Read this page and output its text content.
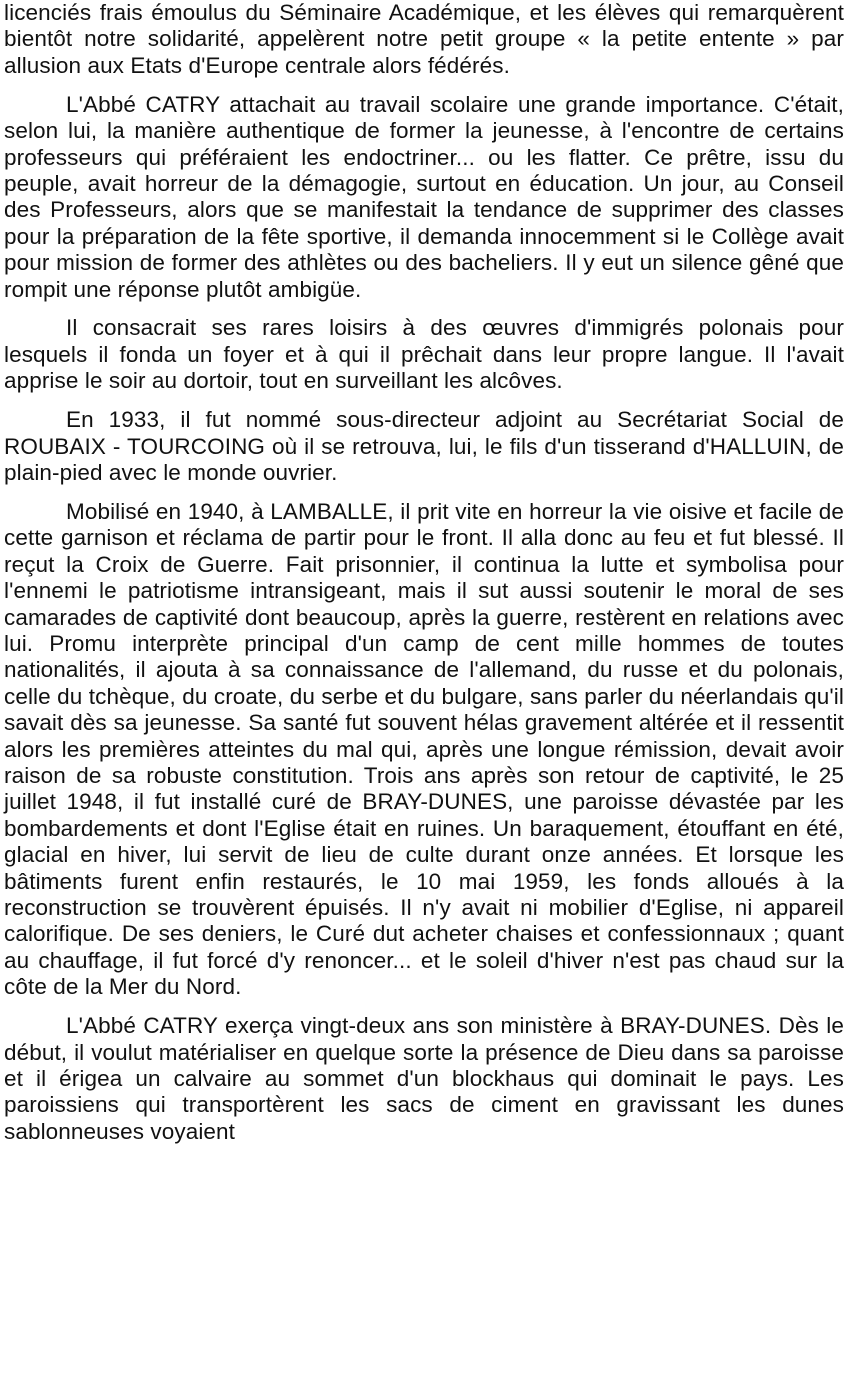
licenciés frais émoulus du Séminaire Académique, et les élèves qui remarquèrent bientôt notre solidarité, appelèrent notre petit groupe « la petite entente » par allusion aux Etats d'Europe centrale alors fédérés.

L'Abbé CATRY attachait au travail scolaire une grande importance. C'était, selon lui, la manière authentique de former la jeunesse, à l'encontre de certains professeurs qui préféraient les endoctriner... ou les flatter. Ce prêtre, issu du peuple, avait horreur de la démagogie, surtout en éducation. Un jour, au Conseil des Professeurs, alors que se manifestait la tendance de supprimer des classes pour la préparation de la fête sportive, il demanda innocemment si le Collège avait pour mission de former des athlètes ou des bacheliers. Il y eut un silence gêné que rompit une réponse plutôt ambigüe.

Il consacrait ses rares loisirs à des œuvres d'immigrés polonais pour lesquels il fonda un foyer et à qui il prêchait dans leur propre langue. Il l'avait apprise le soir au dortoir, tout en surveillant les alcôves.

En 1933, il fut nommé sous-directeur adjoint au Secrétariat Social de ROUBAIX - TOURCOING où il se retrouva, lui, le fils d'un tisserand d'HALLUIN, de plain-pied avec le monde ouvrier.

Mobilisé en 1940, à LAMBALLE, il prit vite en horreur la vie oisive et facile de cette garnison et réclama de partir pour le front. Il alla donc au feu et fut blessé. Il reçut la Croix de Guerre. Fait prisonnier, il continua la lutte et symbolisa pour l'ennemi le patriotisme intransigeant, mais il sut aussi soutenir le moral de ses camarades de captivité dont beaucoup, après la guerre, restèrent en relations avec lui. Promu interprète principal d'un camp de cent mille hommes de toutes nationalités, il ajouta à sa connaissance de l'allemand, du russe et du polonais, celle du tchèque, du croate, du serbe et du bulgare, sans parler du néerlandais qu'il savait dès sa jeunesse. Sa santé fut souvent hélas gravement altérée et il ressentit alors les premières atteintes du mal qui, après une longue rémission, devait avoir raison de sa robuste constitution. Trois ans après son retour de captivité, le 25 juillet 1948, il fut installé curé de BRAY-DUNES, une paroisse dévastée par les bombardements et dont l'Eglise était en ruines. Un baraquement, étouffant en été, glacial en hiver, lui servit de lieu de culte durant onze années. Et lorsque les bâtiments furent enfin restaurés, le 10 mai 1959, les fonds alloués à la reconstruction se trouvèrent épuisés. Il n'y avait ni mobilier d'Eglise, ni appareil calorifique. De ses deniers, le Curé dut acheter chaises et confessionnaux ; quant au chauffage, il fut forcé d'y renoncer... et le soleil d'hiver n'est pas chaud sur la côte de la Mer du Nord.

L'Abbé CATRY exerça vingt-deux ans son ministère à BRAY-DUNES. Dès le début, il voulut matérialiser en quelque sorte la présence de Dieu dans sa paroisse et il érigea un calvaire au sommet d'un blockhaus qui dominait le pays. Les paroissiens qui transportèrent les sacs de ciment en gravissant les dunes sablonneuses voyaient
